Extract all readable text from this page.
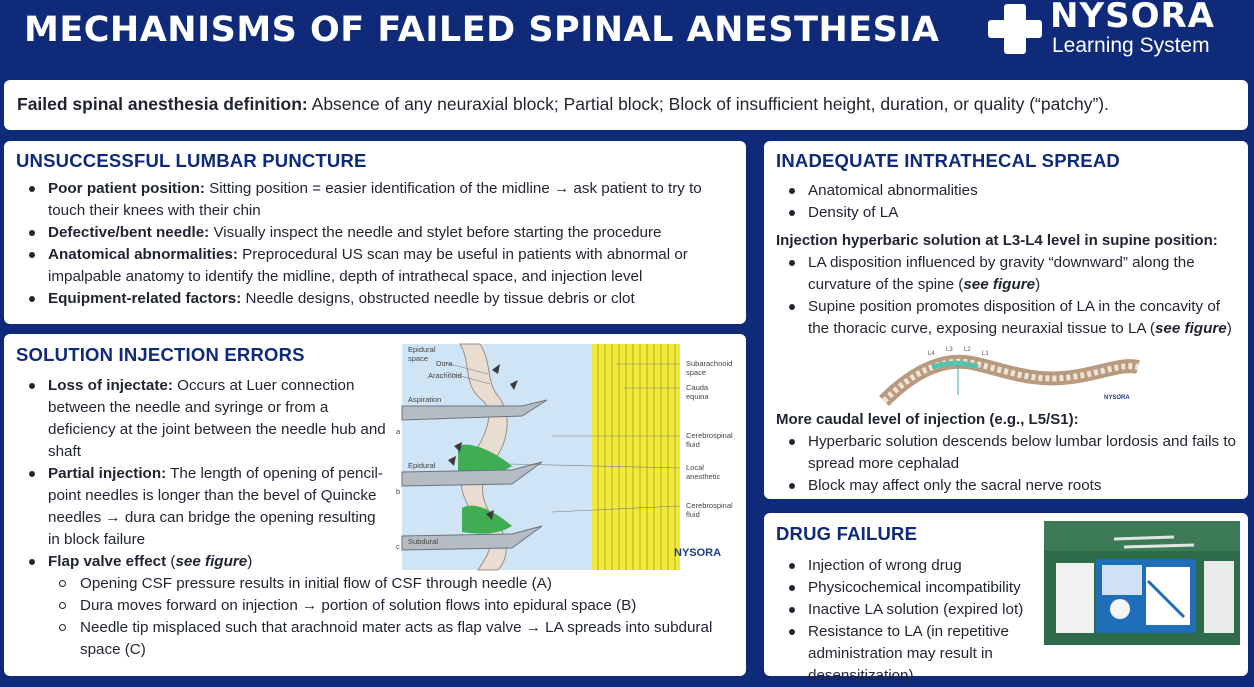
MECHANISMS OF FAILED SPINAL ANESTHESIA	NYSORA
Learning System
Failed spinal anesthesia definition: Absence of any neuraxial block; Partial block; Block of insufficient height, duration, or quality (“patchy”).
UNSUCCESSFUL LUMBAR PUNCTURE
Poor patient position: Sitting position = easier identification of the midline → ask patient to try to touch their knees with their chin
Defective/bent needle: Visually inspect the needle and stylet before starting the procedure
Anatomical abnormalities: Preprocedural US scan may be useful in patients with abnormal or impalpable anatomy to identify the midline, depth of intrathecal space, and injection level
Equipment-related factors: Needle designs, obstructed needle by tissue debris or clot
SOLUTION INJECTION ERRORS
Loss of injectate: Occurs at Luer connection between the needle and syringe or from a deficiency at the joint between the needle hub and shaft
Partial injection: The length of opening of pencil-point needles is longer than the bevel of Quincke needles → dura can bridge the opening resulting in block failure
Flap valve effect (see figure)
Opening CSF pressure results in initial flow of CSF through needle (A)
Dura moves forward on injection → portion of solution flows into epidural space (B)
Needle tip misplaced such that arachnoid mater acts as flap valve → LA spreads into subdural space (C)
Epidural
space
Dura
Arachnoid
Aspiration
Epidural
Subdural
a
b
c
Subarachnoid
space
Cauda
equina
Cerebrospinal
fluid
Local
anesthetic
Cerebrospinal
fluid
NYSORA
INADEQUATE INTRATHECAL SPREAD
Anatomical abnormalities
Density of LA
Injection hyperbaric solution at L3-L4 level in supine position:
LA disposition influenced by gravity “downward” along the curvature of the spine (see figure)
Supine position promotes disposition of LA in the concavity of the thoracic curve, exposing neuraxial tissue to LA (see figure)
L4
L3 L2
L1
NYSORA
More caudal level of injection (e.g., L5/S1):
Hyperbaric solution descends below lumbar lordosis and fails to spread more cephalad
Block may affect only the sacral nerve roots
DRUG FAILURE
Injection of wrong drug
Physicochemical incompatibility
Inactive LA solution (expired lot)
Resistance to LA (in repetitive administration may result in desensitization)
